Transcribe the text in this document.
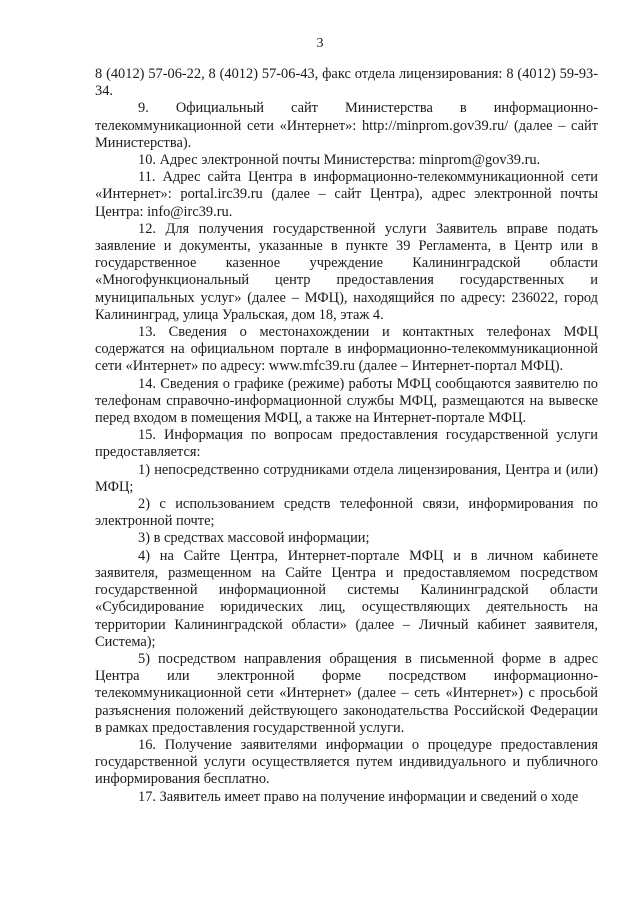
3

8 (4012) 57-06-22, 8 (4012) 57-06-43, факс отдела лицензирования: 8 (4012) 59-93-34.

9. Официальный сайт Министерства в информационно-телекоммуникационной сети «Интернет»: http://minprom.gov39.ru/ (далее – сайт Министерства).

10. Адрес электронной почты Министерства: minprom@gov39.ru.

11. Адрес сайта Центра в информационно-телекоммуникационной сети «Интернет»: portal.irc39.ru (далее – сайт Центра), адрес электронной почты Центра: info@irc39.ru.

12. Для получения государственной услуги Заявитель вправе подать заявление и документы, указанные в пункте 39 Регламента, в Центр или в государственное казенное учреждение Калининградской области «Многофункциональный центр предоставления государственных и муниципальных услуг» (далее – МФЦ), находящийся по адресу: 236022, город Калининград, улица Уральская, дом 18, этаж 4.

13. Сведения о местонахождении и контактных телефонах МФЦ содержатся на официальном портале в информационно-телекоммуникационной сети «Интернет» по адресу: www.mfc39.ru (далее – Интернет-портал МФЦ).

14. Сведения о графике (режиме) работы МФЦ сообщаются заявителю по телефонам справочно-информационной службы МФЦ, размещаются на вывеске перед входом в помещения МФЦ, а также на Интернет-портале МФЦ.

15. Информация по вопросам предоставления государственной услуги предоставляется:

1) непосредственно сотрудниками отдела лицензирования, Центра и (или) МФЦ;

2) с использованием средств телефонной связи, информирования по электронной почте;

3) в средствах массовой информации;

4) на Сайте Центра, Интернет-портале МФЦ и в личном кабинете заявителя, размещенном на Сайте Центра и предоставляемом посредством государственной информационной системы Калининградской области «Субсидирование юридических лиц, осуществляющих деятельность на территории Калининградской области» (далее – Личный кабинет заявителя, Система);

5) посредством направления обращения в письменной форме в адрес Центра или электронной форме посредством информационно-телекоммуникационной сети «Интернет» (далее – сеть «Интернет») с просьбой разъяснения положений действующего законодательства Российской Федерации в рамках предоставления государственной услуги.

16. Получение заявителями информации о процедуре предоставления государственной услуги осуществляется путем индивидуального и публичного информирования бесплатно.

17. Заявитель имеет право на получение информации и сведений о ходе
